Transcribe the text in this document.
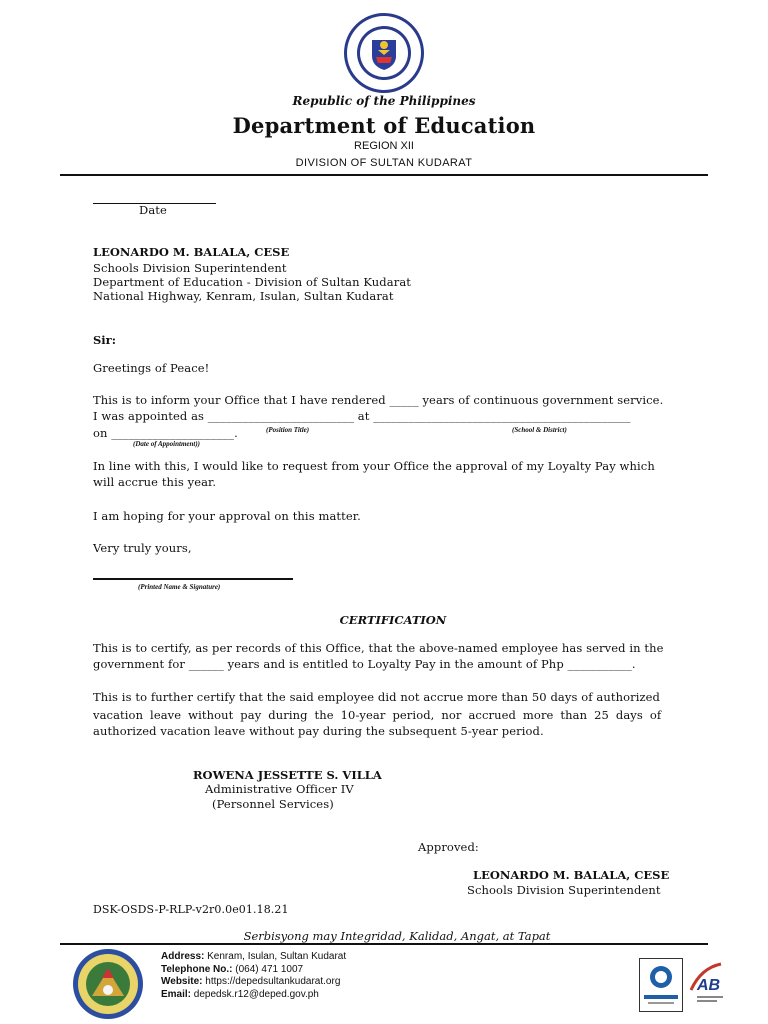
Republic of the Philippines
Department of Education
REGION XII
DIVISION OF SULTAN KUDARAT
Date
LEONARDO M. BALALA, CESE
Schools Division Superintendent
Department of Education - Division of Sultan Kudarat
National Highway, Kenram, Isulan, Sultan Kudarat
Sir:
Greetings of Peace!
This is to inform your Office that I have rendered _____ years of continuous government service.
I was appointed as _________________________ at ____________________________________________
(Position Title)	(School & District)
on _____________________.
(Date of Appointment))
In line with this, I would like to request from your Office the approval of my Loyalty Pay which
will accrue this year.
I am hoping for your approval on this matter.
Very truly yours,
(Printed Name & Signature)
CERTIFICATION
This is to certify, as per records of this Office, that the above-named employee has served in the
government for ______ years and is entitled to Loyalty Pay in the amount of Php ___________.
This is to further certify that the said employee did not accrue more than 50 days of authorized
vacation leave without pay during the 10-year period, nor accrued more than 25 days of
authorized vacation leave without pay during the subsequent 5-year period.
ROWENA JESSETTE S. VILLA
Administrative Officer IV
(Personnel Services)
Approved:
LEONARDO M. BALALA, CESE
Schools Division Superintendent
DSK-OSDS-P-RLP-v2r0.0e01.18.21
Serbisyong may Integridad, Kalidad, Angat, at Tapat
Address: Kenram, Isulan, Sultan Kudarat
Telephone No.: (064) 471 1007
Website: https://depedsultankudarat.org
Email: depedsk.r12@deped.gov.ph	AB
